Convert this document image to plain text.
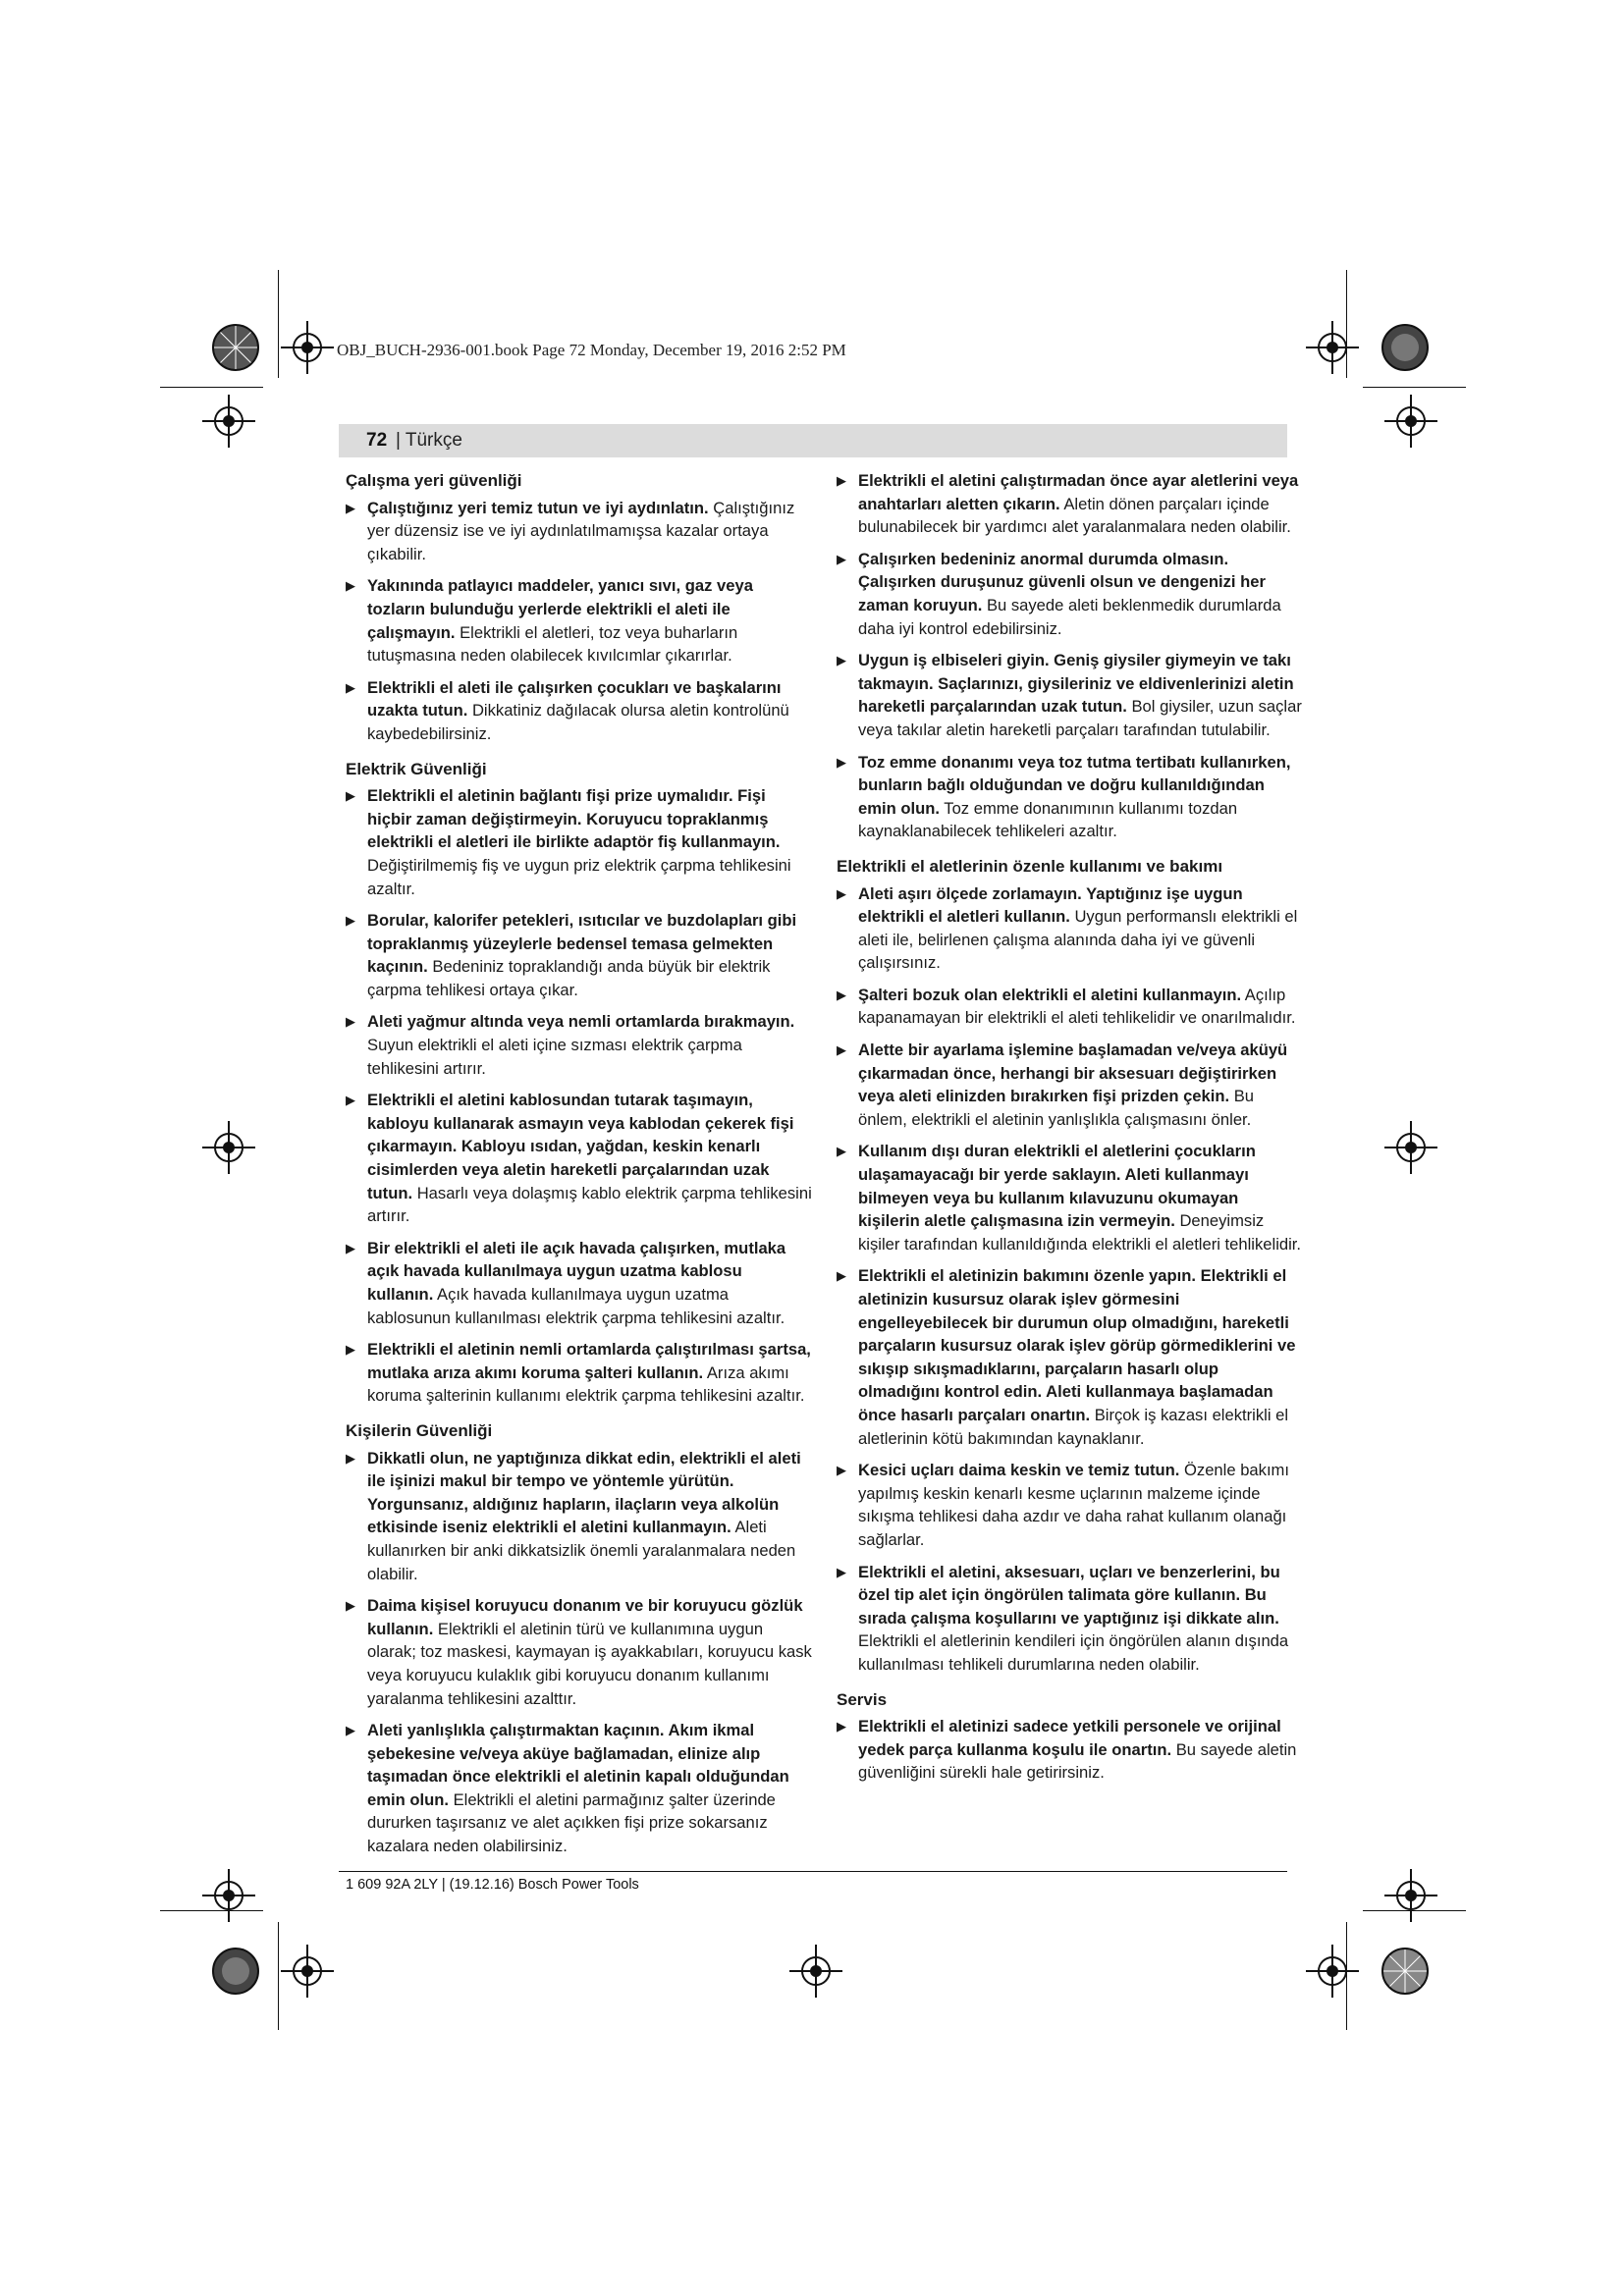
OBJ_BUCH-2936-001.book Page 72 Monday, December 19, 2016 2:52 PM
72 | Türkçe
Çalışma yeri güvenliği
▶ Çalıştığınız yeri temiz tutun ve iyi aydınlatın. Çalıştığınız yer düzensiz ise ve iyi aydınlatılmamışsa kazalar ortaya çıkabilir.
▶ Yakınında patlayıcı maddeler, yanıcı sıvı, gaz veya tozların bulunduğu yerlerde elektrikli el aleti ile çalışmayın. Elektrikli el aletleri, toz veya buharların tutuşmasına neden olabilecek kıvılcımlar çıkarırlar.
▶ Elektrikli el aleti ile çalışırken çocukları ve başkalarını uzakta tutun. Dikkatiniz dağılacak olursa aletin kontrolünü kaybedebilirsiniz.
Elektrik Güvenliği
▶ Elektrikli el aletinin bağlantı fişi prize uymalıdır. Fişi hiçbir zaman değiştirmeyin. Koruyucu topraklanmış elektrikli el aletleri ile birlikte adaptör fiş kullanmayın. Değiştirilmemiş fiş ve uygun priz elektrik çarpma tehlikesini azaltır.
▶ Borular, kalorifer petekleri, ısıtıcılar ve buzdolapları gibi topraklanmış yüzeylerle bedensel temasa gelmekten kaçının. Bedeniniz topraklandığı anda büyük bir elektrik çarpma tehlikesi ortaya çıkar.
▶ Aleti yağmur altında veya nemli ortamlarda bırakmayın. Suyun elektrikli el aleti içine sızması elektrik çarpma tehlikesini artırır.
▶ Elektrikli el aletini kablosundan tutarak taşımayın, kabloyu kullanarak asmayın veya kablodan çekerek fişi çıkarmayın. Kabloyu ısıdan, yağdan, keskin kenarlı cisimlerden veya aletin hareketli parçalarından uzak tutun. Hasarlı veya dolaşmış kablo elektrik çarpma tehlikesini artırır.
▶ Bir elektrikli el aleti ile açık havada çalışırken, mutlaka açık havada kullanılmaya uygun uzatma kablosu kullanın. Açık havada kullanılmaya uygun uzatma kablosunun kullanılması elektrik çarpma tehlikesini azaltır.
▶ Elektrikli el aletinin nemli ortamlarda çalıştırılması şartsa, mutlaka arıza akımı koruma şalteri kullanın. Arıza akımı koruma şalterinin kullanımı elektrik çarpma tehlikesini azaltır.
Kişilerin Güvenliği
▶ Dikkatli olun, ne yaptığınıza dikkat edin, elektrikli el aleti ile işinizi makul bir tempo ve yöntemle yürütün. Yorgunsanız, aldığınız hapların, ilaçların veya alkolün etkisinde iseniz elektrikli el aletini kullanmayın. Aleti kullanırken bir anki dikkatsizlik önemli yaralanmalara neden olabilir.
▶ Daima kişisel koruyucu donanım ve bir koruyucu gözlük kullanın. Elektrikli el aletinin türü ve kullanımına uygun olarak; toz maskesi, kaymayan iş ayakkabıları, koruyucu kask veya koruyucu kulaklık gibi koruyucu donanım kullanımı yaralanma tehlikesini azalttır.
▶ Aleti yanlışlıkla çalıştırmaktan kaçının. Akım ikmal şebekesine ve/veya aküye bağlamadan, elinize alıp taşımadan önce elektrikli el aletinin kapalı olduğundan emin olun. Elektrikli el aletini parmağınız şalter üzerinde dururken taşırsanız ve alet açıkken fişi prize sokarsanız kazalara neden olabilirsiniz.
▶ Elektrikli el aletini çalıştırmadan önce ayar aletlerini veya anahtarları aletten çıkarın. Aletin dönen parçaları içinde bulunabilecek bir yardımcı alet yaralanmalara neden olabilir.
▶ Çalışırken bedeniniz anormal durumda olmasın. Çalışırken duruşunuz güvenli olsun ve dengenizi her zaman koruyun. Bu sayede aleti beklenmedik durumlarda daha iyi kontrol edebilirsiniz.
▶ Uygun iş elbiseleri giyin. Geniş giysiler giymeyin ve takı takmayın. Saçlarınızı, giysileriniz ve eldivenlerinizi aletin hareketli parçalarından uzak tutun. Bol giysiler, uzun saçlar veya takılar aletin hareketli parçaları tarafından tutulabilir.
▶ Toz emme donanımı veya toz tutma tertibatı kullanırken, bunların bağlı olduğundan ve doğru kullanıldığından emin olun. Toz emme donanımının kullanımı tozdan kaynaklanabilecek tehlikeleri azaltır.
Elektrikli el aletlerinin özenle kullanımı ve bakımı
▶ Aleti aşırı ölçede zorlamayın. Yaptığınız işe uygun elektrikli el aletleri kullanın. Uygun performanslı elektrikli el aleti ile, belirlenen çalışma alanında daha iyi ve güvenli çalışırsınız.
▶ Şalteri bozuk olan elektrikli el aletini kullanmayın. Açılıp kapanamayan bir elektrikli el aleti tehlikelidir ve onarılmalıdır.
▶ Alette bir ayarlama işlemine başlamadan ve/veya aküyü çıkarmadan önce, herhangi bir aksesuarı değiştirirken veya aleti elinizden bırakırken fişi prizden çekin. Bu önlem, elektrikli el aletinin yanlışlıkla çalışmasını önler.
▶ Kullanım dışı duran elektrikli el aletlerini çocukların ulaşamayacağı bir yerde saklayın. Aleti kullanmayı bilmeyen veya bu kullanım kılavuzunu okumayan kişilerin aletle çalışmasına izin vermeyin. Deneyimsiz kişiler tarafından kullanıldığında elektrikli el aletleri tehlikelidir.
▶ Elektrikli el aletinizin bakımını özenle yapın. Elektrikli el aletinizin kusursuz olarak işlev görmesini engelleyebilecek bir durumun olup olmadığını, hareketli parçaların kusursuz olarak işlev görüp görmediklerini ve sıkışıp sıkışmadıklarını, parçaların hasarlı olup olmadığını kontrol edin. Aleti kullanmaya başlamadan önce hasarlı parçaları onartın. Birçok iş kazası elektrikli el aletlerinin kötü bakımından kaynaklanır.
▶ Kesici uçları daima keskin ve temiz tutun. Özenle bakımı yapılmış keskin kenarlı kesme uçlarının malzeme içinde sıkışma tehlikesi daha azdır ve daha rahat kullanım olanağı sağlarlar.
▶ Elektrikli el aletini, aksesuarı, uçları ve benzerlerini, bu özel tip alet için öngörülen talimata göre kullanın. Bu sırada çalışma koşullarını ve yaptığınız işi dikkate alın. Elektrikli el aletlerinin kendileri için öngörülen alanın dışında kullanılması tehlikeli durumlarına neden olabilir.
Servis
▶ Elektrikli el aletinizi sadece yetkili personele ve orijinal yedek parça kullanma koşulu ile onartın. Bu sayede aletin güvenliğini sürekli hale getirirsiniz.
1 609 92A 2LY | (19.12.16) Bosch Power Tools
